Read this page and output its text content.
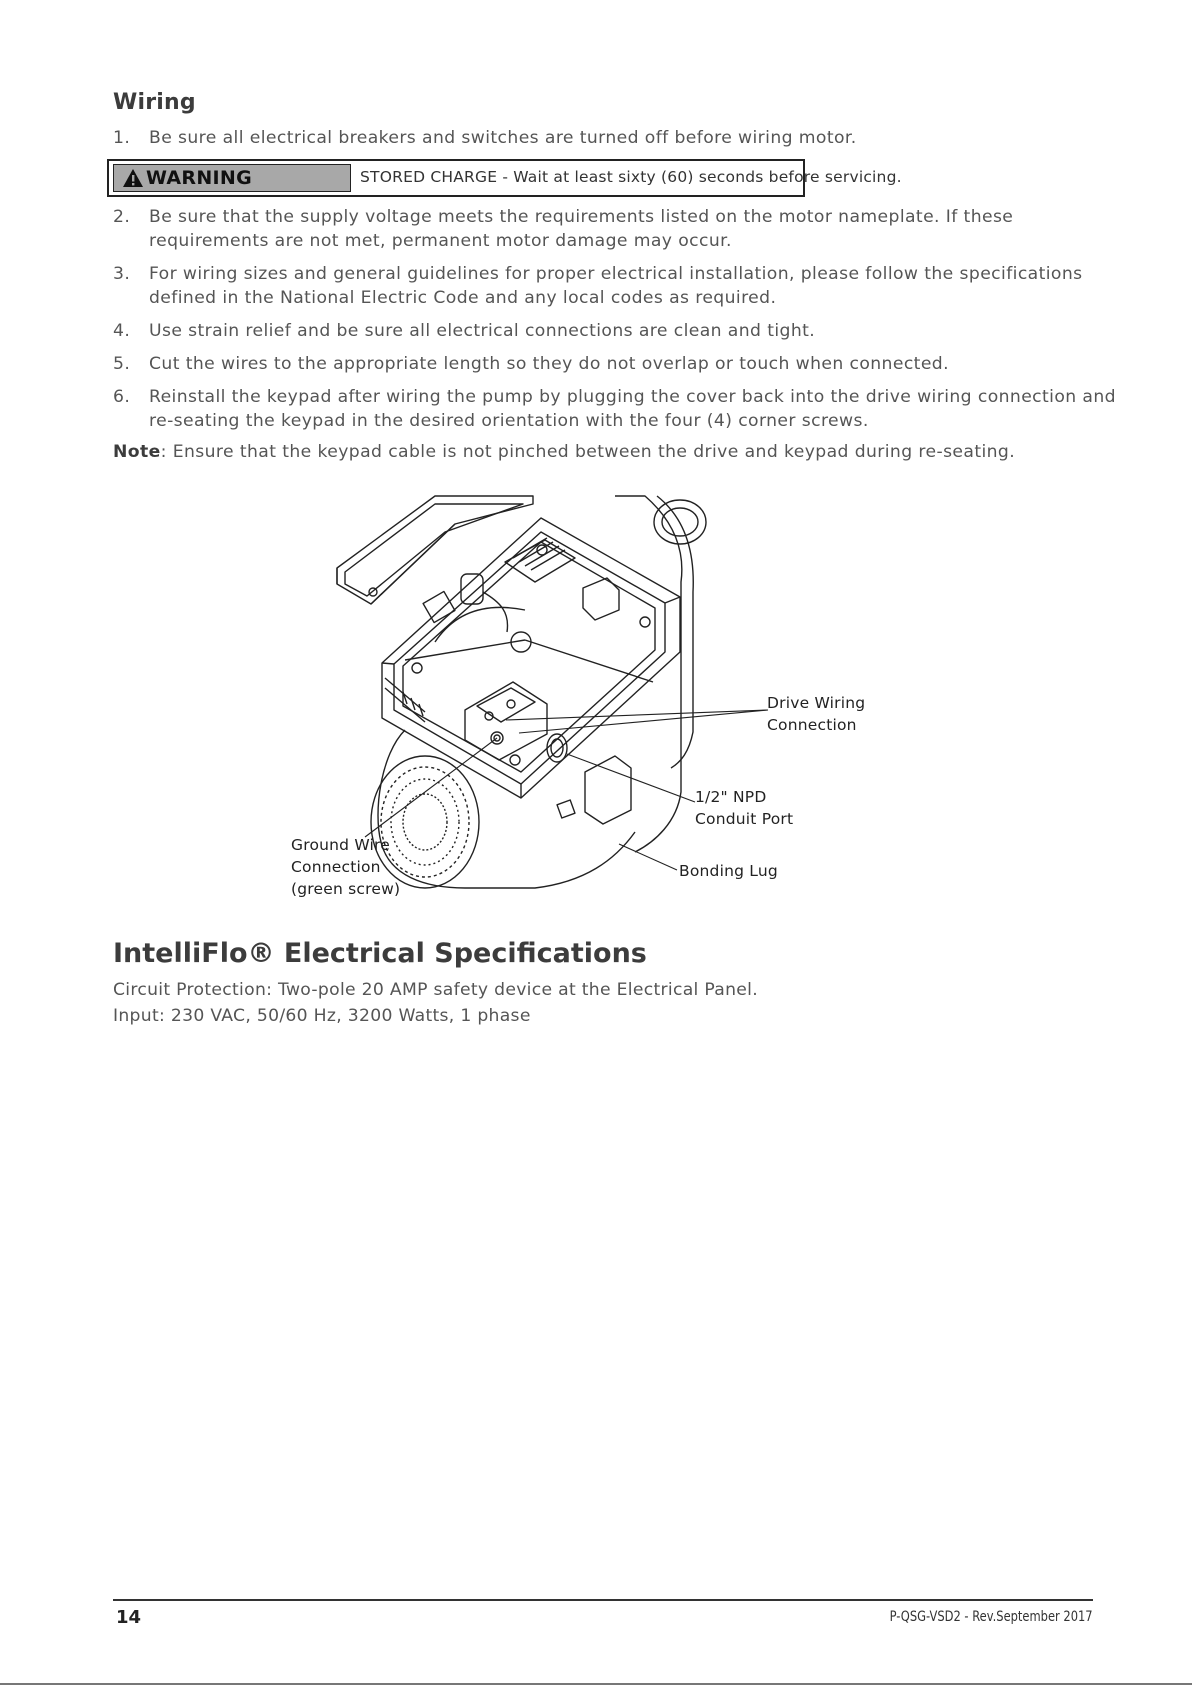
Wiring
1.	Be sure all electrical breakers and switches are turned off before wiring motor.
WARNING	STORED CHARGE - Wait at least sixty (60) seconds before servicing.
2.	Be sure that the supply voltage meets the requirements listed on the motor nameplate. If these requirements are not met, permanent motor damage may occur.
3.	For wiring sizes and general guidelines for proper electrical installation, please follow the specifications defined in the National Electric Code and any local codes as required.
4.	Use strain relief and be sure all electrical connections are clean and tight.
5.	Cut the wires to the appropriate length so they do not overlap or touch when connected.
6.	Reinstall the keypad after wiring the pump by plugging the cover back into the drive wiring connection and re-seating the keypad in the desired orientation with the four (4) corner screws.
Note: Ensure that the keypad cable is not pinched between the drive and keypad during re-seating.
Drive Wiring
Connection
1/2" NPD
Conduit Port
Bonding Lug
Ground Wire
Connection
(green screw)
IntelliFlo® Electrical Specifications
Circuit Protection: Two-pole 20 AMP safety device at the Electrical Panel.
Input: 230 VAC, 50/60 Hz, 3200 Watts, 1 phase
14	P-QSG-VSD2 - Rev.September 2017
